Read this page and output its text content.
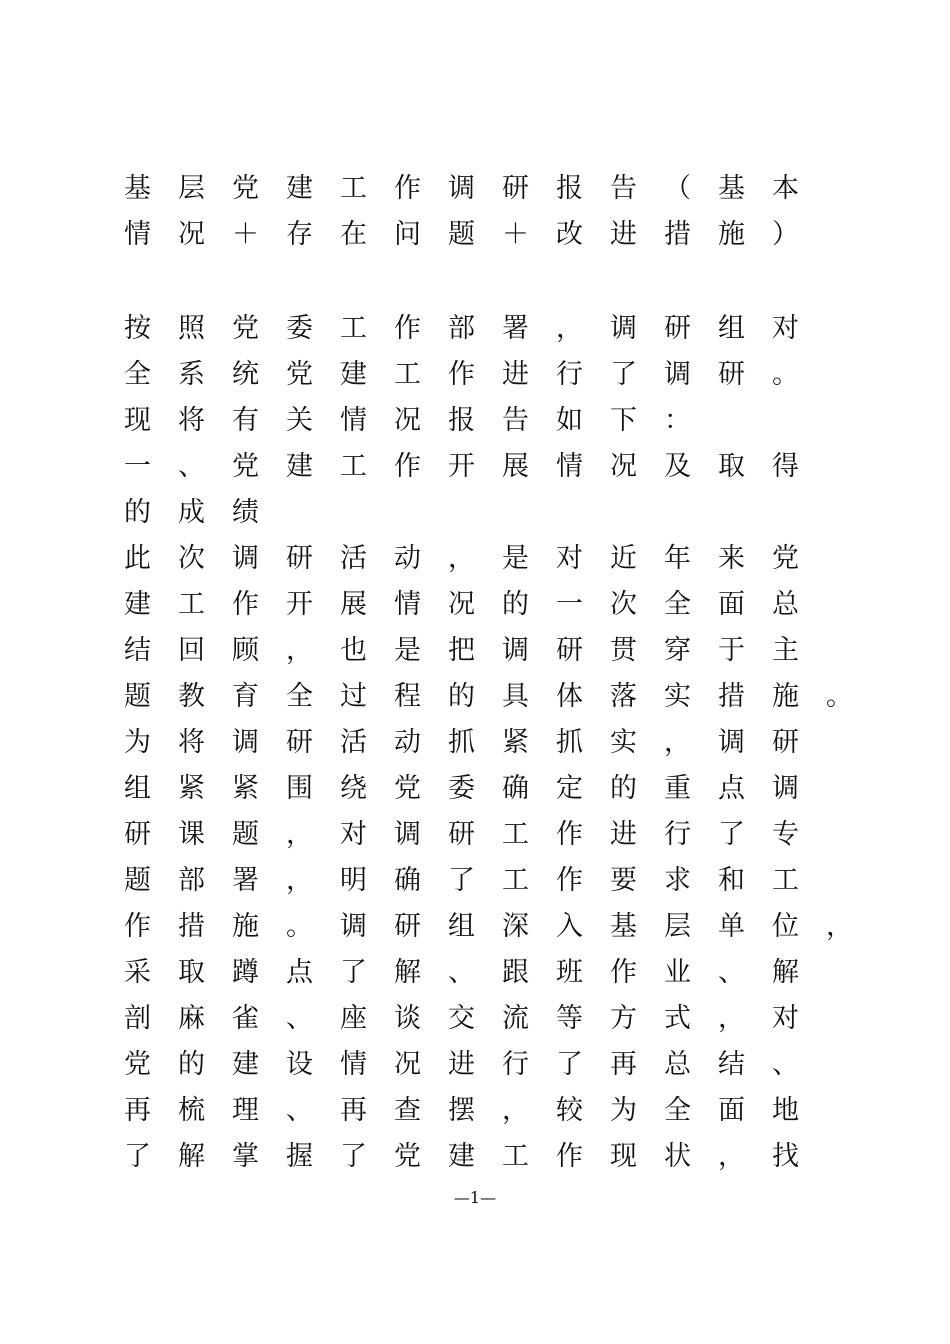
基层党建工作调研报告（基本
情况＋存在问题＋改进措施）
按照党委工作部署，调研组对
全系统党建工作进行了调研。
现将有关情况报告如下：
一、党建工作开展情况及取得
的成绩
此次调研活动，是对近年来党
建工作开展情况的一次全面总
结回顾，也是把调研贯穿于主
题教育全过程的具体落实措施。
为将调研活动抓紧抓实，调研
组紧紧围绕党委确定的重点调
研课题，对调研工作进行了专
题部署，明确了工作要求和工
作措施。调研组深入基层单位，
采取蹲点了解、跟班作业、解
剖麻雀、座谈交流等方式，对
党的建设情况进行了再总结、
再梳理、再查摆，较为全面地
了解掌握了党建工作现状，找
—1—
